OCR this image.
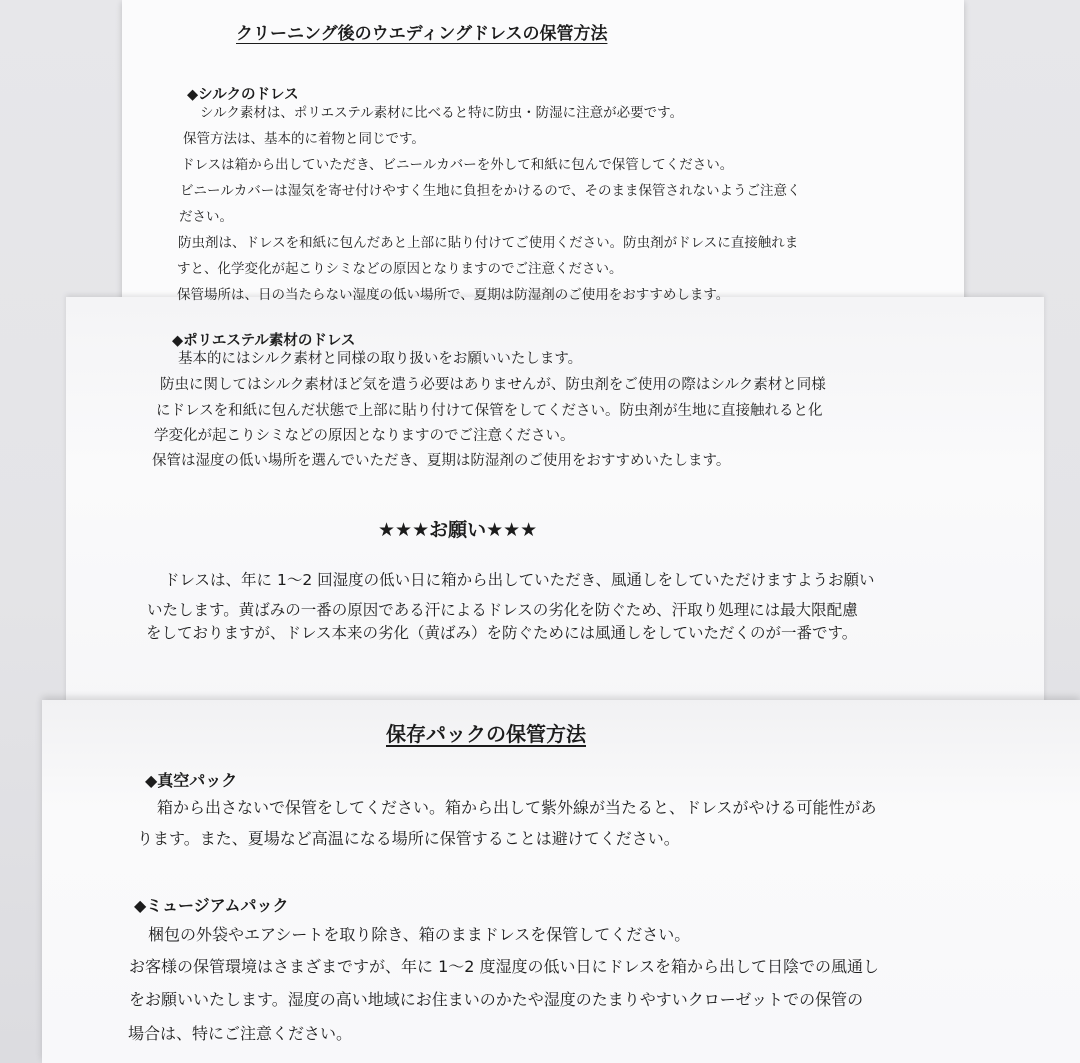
クリーニング後のウエディングドレスの保管方法

◆シルクのドレス

シルク素材は、ポリエステル素材に比べると特に防虫・防湿に注意が必要です。

保管方法は、基本的に着物と同じです。

ドレスは箱から出していただき、ビニールカバーを外して和紙に包んで保管してください。

ビニールカバーは湿気を寄せ付けやすく生地に負担をかけるので、そのまま保管されないようご注意く

ださい。

防虫剤は、ドレスを和紙に包んだあと上部に貼り付けてご使用ください。防虫剤がドレスに直接触れま

すと、化学変化が起こりシミなどの原因となりますのでご注意ください。

保管場所は、日の当たらない湿度の低い場所で、夏期は防湿剤のご使用をおすすめします。

◆ポリエステル素材のドレス

基本的にはシルク素材と同様の取り扱いをお願いいたします。

防虫に関してはシルク素材ほど気を遣う必要はありませんが、防虫剤をご使用の際はシルク素材と同様

にドレスを和紙に包んだ状態で上部に貼り付けて保管をしてください。防虫剤が生地に直接触れると化

学変化が起こりシミなどの原因となりますのでご注意ください。

保管は湿度の低い場所を選んでいただき、夏期は防湿剤のご使用をおすすめいたします。

★★★お願い★★★

ドレスは、年に 1～2 回湿度の低い日に箱から出していただき、風通しをしていただけますようお願い

いたします。黄ばみの一番の原因である汗によるドレスの劣化を防ぐため、汗取り処理には最大限配慮

をしておりますが、ドレス本来の劣化（黄ばみ）を防ぐためには風通しをしていただくのが一番です。

保存パックの保管方法

◆真空パック

箱から出さないで保管をしてください。箱から出して紫外線が当たると、ドレスがやける可能性があ

ります。また、夏場など高温になる場所に保管することは避けてください。

◆ミュージアムパック

梱包の外袋やエアシートを取り除き、箱のままドレスを保管してください。

お客様の保管環境はさまざまですが、年に 1～2 度湿度の低い日にドレスを箱から出して日陰での風通し

をお願いいたします。湿度の高い地域にお住まいのかたや湿度のたまりやすいクローゼットでの保管の

場合は、特にご注意ください。
